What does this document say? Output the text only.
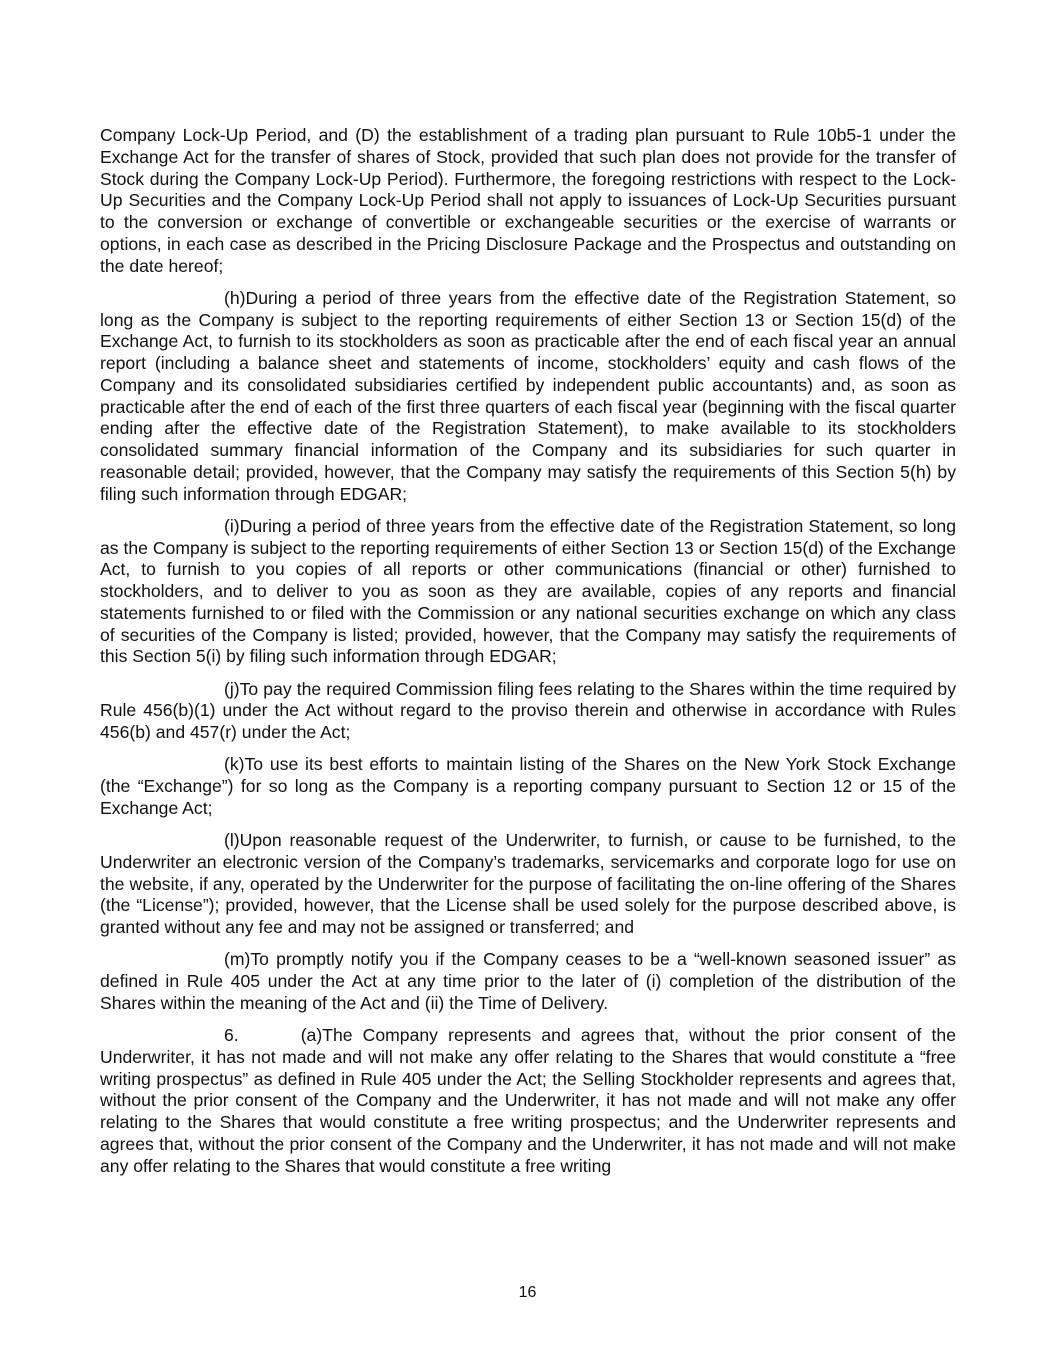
Company Lock-Up Period, and (D) the establishment of a trading plan pursuant to Rule 10b5-1 under the Exchange Act for the transfer of shares of Stock, provided that such plan does not provide for the transfer of Stock during the Company Lock-Up Period). Furthermore, the foregoing restrictions with respect to the Lock-Up Securities and the Company Lock-Up Period shall not apply to issuances of Lock-Up Securities pursuant to the conversion or exchange of convertible or exchangeable securities or the exercise of warrants or options, in each case as described in the Pricing Disclosure Package and the Prospectus and outstanding on the date hereof;

(h)During a period of three years from the effective date of the Registration Statement, so long as the Company is subject to the reporting requirements of either Section 13 or Section 15(d) of the Exchange Act, to furnish to its stockholders as soon as practicable after the end of each fiscal year an annual report (including a balance sheet and statements of income, stockholders’ equity and cash flows of the Company and its consolidated subsidiaries certified by independent public accountants) and, as soon as practicable after the end of each of the first three quarters of each fiscal year (beginning with the fiscal quarter ending after the effective date of the Registration Statement), to make available to its stockholders consolidated summary financial information of the Company and its subsidiaries for such quarter in reasonable detail; provided, however, that the Company may satisfy the requirements of this Section 5(h) by filing such information through EDGAR;

(i)During a period of three years from the effective date of the Registration Statement, so long as the Company is subject to the reporting requirements of either Section 13 or Section 15(d) of the Exchange Act, to furnish to you copies of all reports or other communications (financial or other) furnished to stockholders, and to deliver to you as soon as they are available, copies of any reports and financial statements furnished to or filed with the Commission or any national securities exchange on which any class of securities of the Company is listed; provided, however, that the Company may satisfy the requirements of this Section 5(i) by filing such information through EDGAR;

(j)To pay the required Commission filing fees relating to the Shares within the time required by Rule 456(b)(1) under the Act without regard to the proviso therein and otherwise in accordance with Rules 456(b) and 457(r) under the Act;

(k)To use its best efforts to maintain listing of the Shares on the New York Stock Exchange (the “Exchange”) for so long as the Company is a reporting company pursuant to Section 12 or 15 of the Exchange Act;

(l)Upon reasonable request of the Underwriter, to furnish, or cause to be furnished, to the Underwriter an electronic version of the Company’s trademarks, servicemarks and corporate logo for use on the website, if any, operated by the Underwriter for the purpose of facilitating the on-line offering of the Shares (the “License”); provided, however, that the License shall be used solely for the purpose described above, is granted without any fee and may not be assigned or transferred; and

(m)To promptly notify you if the Company ceases to be a “well-known seasoned issuer” as defined in Rule 405 under the Act at any time prior to the later of (i) completion of the distribution of the Shares within the meaning of the Act and (ii) the Time of Delivery.

6.	(a)The Company represents and agrees that, without the prior consent of the Underwriter, it has not made and will not make any offer relating to the Shares that would constitute a “free writing prospectus” as defined in Rule 405 under the Act; the Selling Stockholder represents and agrees that, without the prior consent of the Company and the Underwriter, it has not made and will not make any offer relating to the Shares that would constitute a free writing prospectus; and the Underwriter represents and agrees that, without the prior consent of the Company and the Underwriter, it has not made and will not make any offer relating to the Shares that would constitute a free writing

16
